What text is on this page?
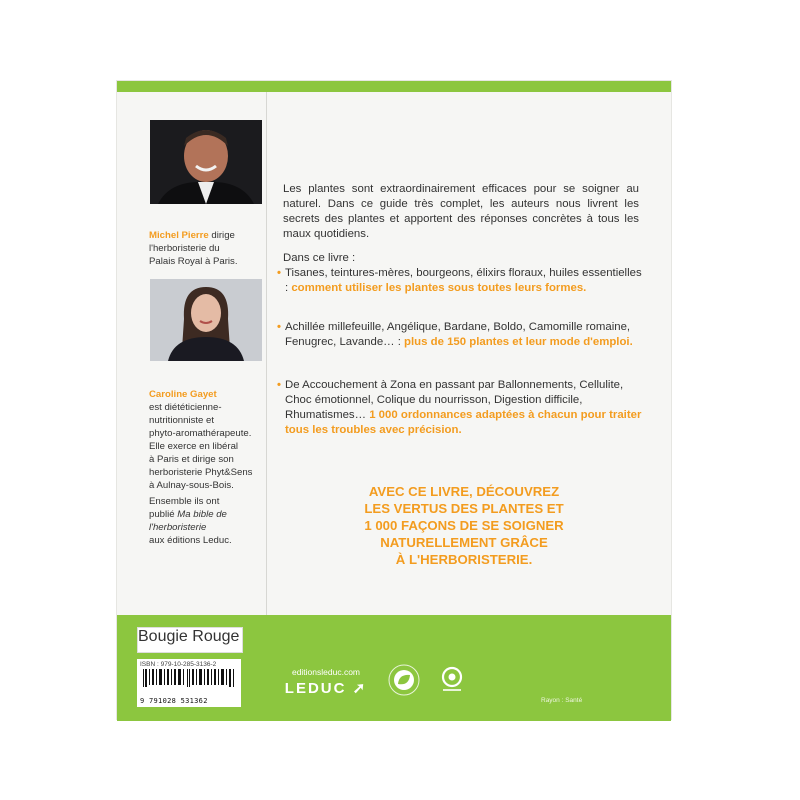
Michel Pierre dirige
l'herboristerie du
Palais Royal à Paris.
Caroline Gayet
est diététicienne-
nutritionniste et
phyto-aromathérapeute.
Elle exerce en libéral
à Paris et dirige son
herboristerie Phyt&Sens
à Aulnay-sous-Bois.
Ensemble ils ont
publié Ma bible de
l'herboristerie
aux éditions Leduc.

Les plantes sont extraordinairement efficaces pour se soigner au naturel. Dans ce guide très complet, les auteurs nous livrent les secrets des plantes et apportent des réponses concrètes à tous les maux quotidiens.

Dans ce livre :

• Tisanes, teintures-mères, bourgeons, élixirs floraux, huiles essentielles : comment utiliser les plantes sous toutes leurs formes.
• Achillée millefeuille, Angélique, Bardane, Boldo, Camomille romaine, Fenugrec, Lavande… : plus de 150 plantes et leur mode d'emploi.
• De Accouchement à Zona en passant par Ballonnements, Cellulite, Choc émotionnel, Colique du nourrisson, Digestion difficile, Rhumatismes… 1 000 ordonnances adaptées à chacun pour traiter tous les troubles avec précision.
AVEC CE LIVRE, DÉCOUVREZ
LES VERTUS DES PLANTES ET
1 000 FAÇONS DE SE SOIGNER
NATURELLEMENT GRÂCE
À L'HERBORISTERIE.
Bougie Rouge
ISBN : 979-10-285-3136-2
9 791028 531362
editionsleduc.com
LEDUC ➚
Rayon : Santé
